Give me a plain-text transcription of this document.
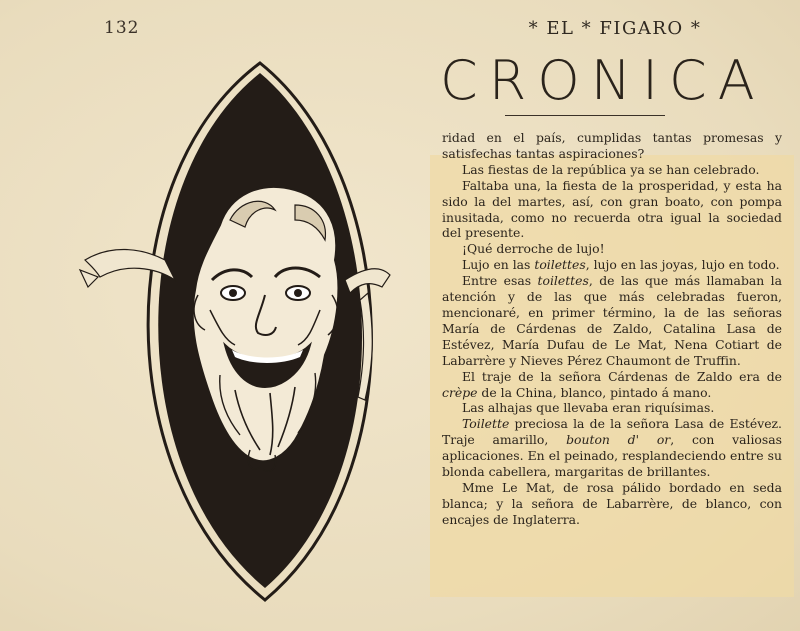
132	* EL * FIGARO *
CRONICA

ridad en el país, cumplidas tantas promesas y satisfechas tantas aspiraciones?

Las fiestas de la república ya se han celebrado.

Faltaba una, la fiesta de la prosperidad, y esta ha sido la del martes, así, con gran boato, con pompa inusitada, como no recuerda otra igual la sociedad del presente.

¡Qué derroche de lujo!

Lujo en las toilettes, lujo en las joyas, lujo en todo.

Entre esas toilettes, de las que más llamaban la atención y de las que más celebradas fueron, mencionaré, en primer término, la de las señoras María de Cárdenas de Zaldo, Catalina Lasa de Estévez, María Dufau de Le Mat, Nena Cotiart de Labarrère y Nieves Pérez Chaumont de Truffin.

El traje de la señora Cárdenas de Zaldo era de crèpe de la China, blanco, pintado á mano.

Las alhajas que llevaba eran riquísimas.

Toilette preciosa la de la señora Lasa de Estévez. Traje amarillo, bouton d' or, con valiosas aplicaciones. En el peinado, resplandeciendo entre su blonda cabellera, margaritas de brillantes.

Mme Le Mat, de rosa pálido bordado en seda blanca; y la señora de Labarrère, de blanco, con encajes de Inglaterra.
